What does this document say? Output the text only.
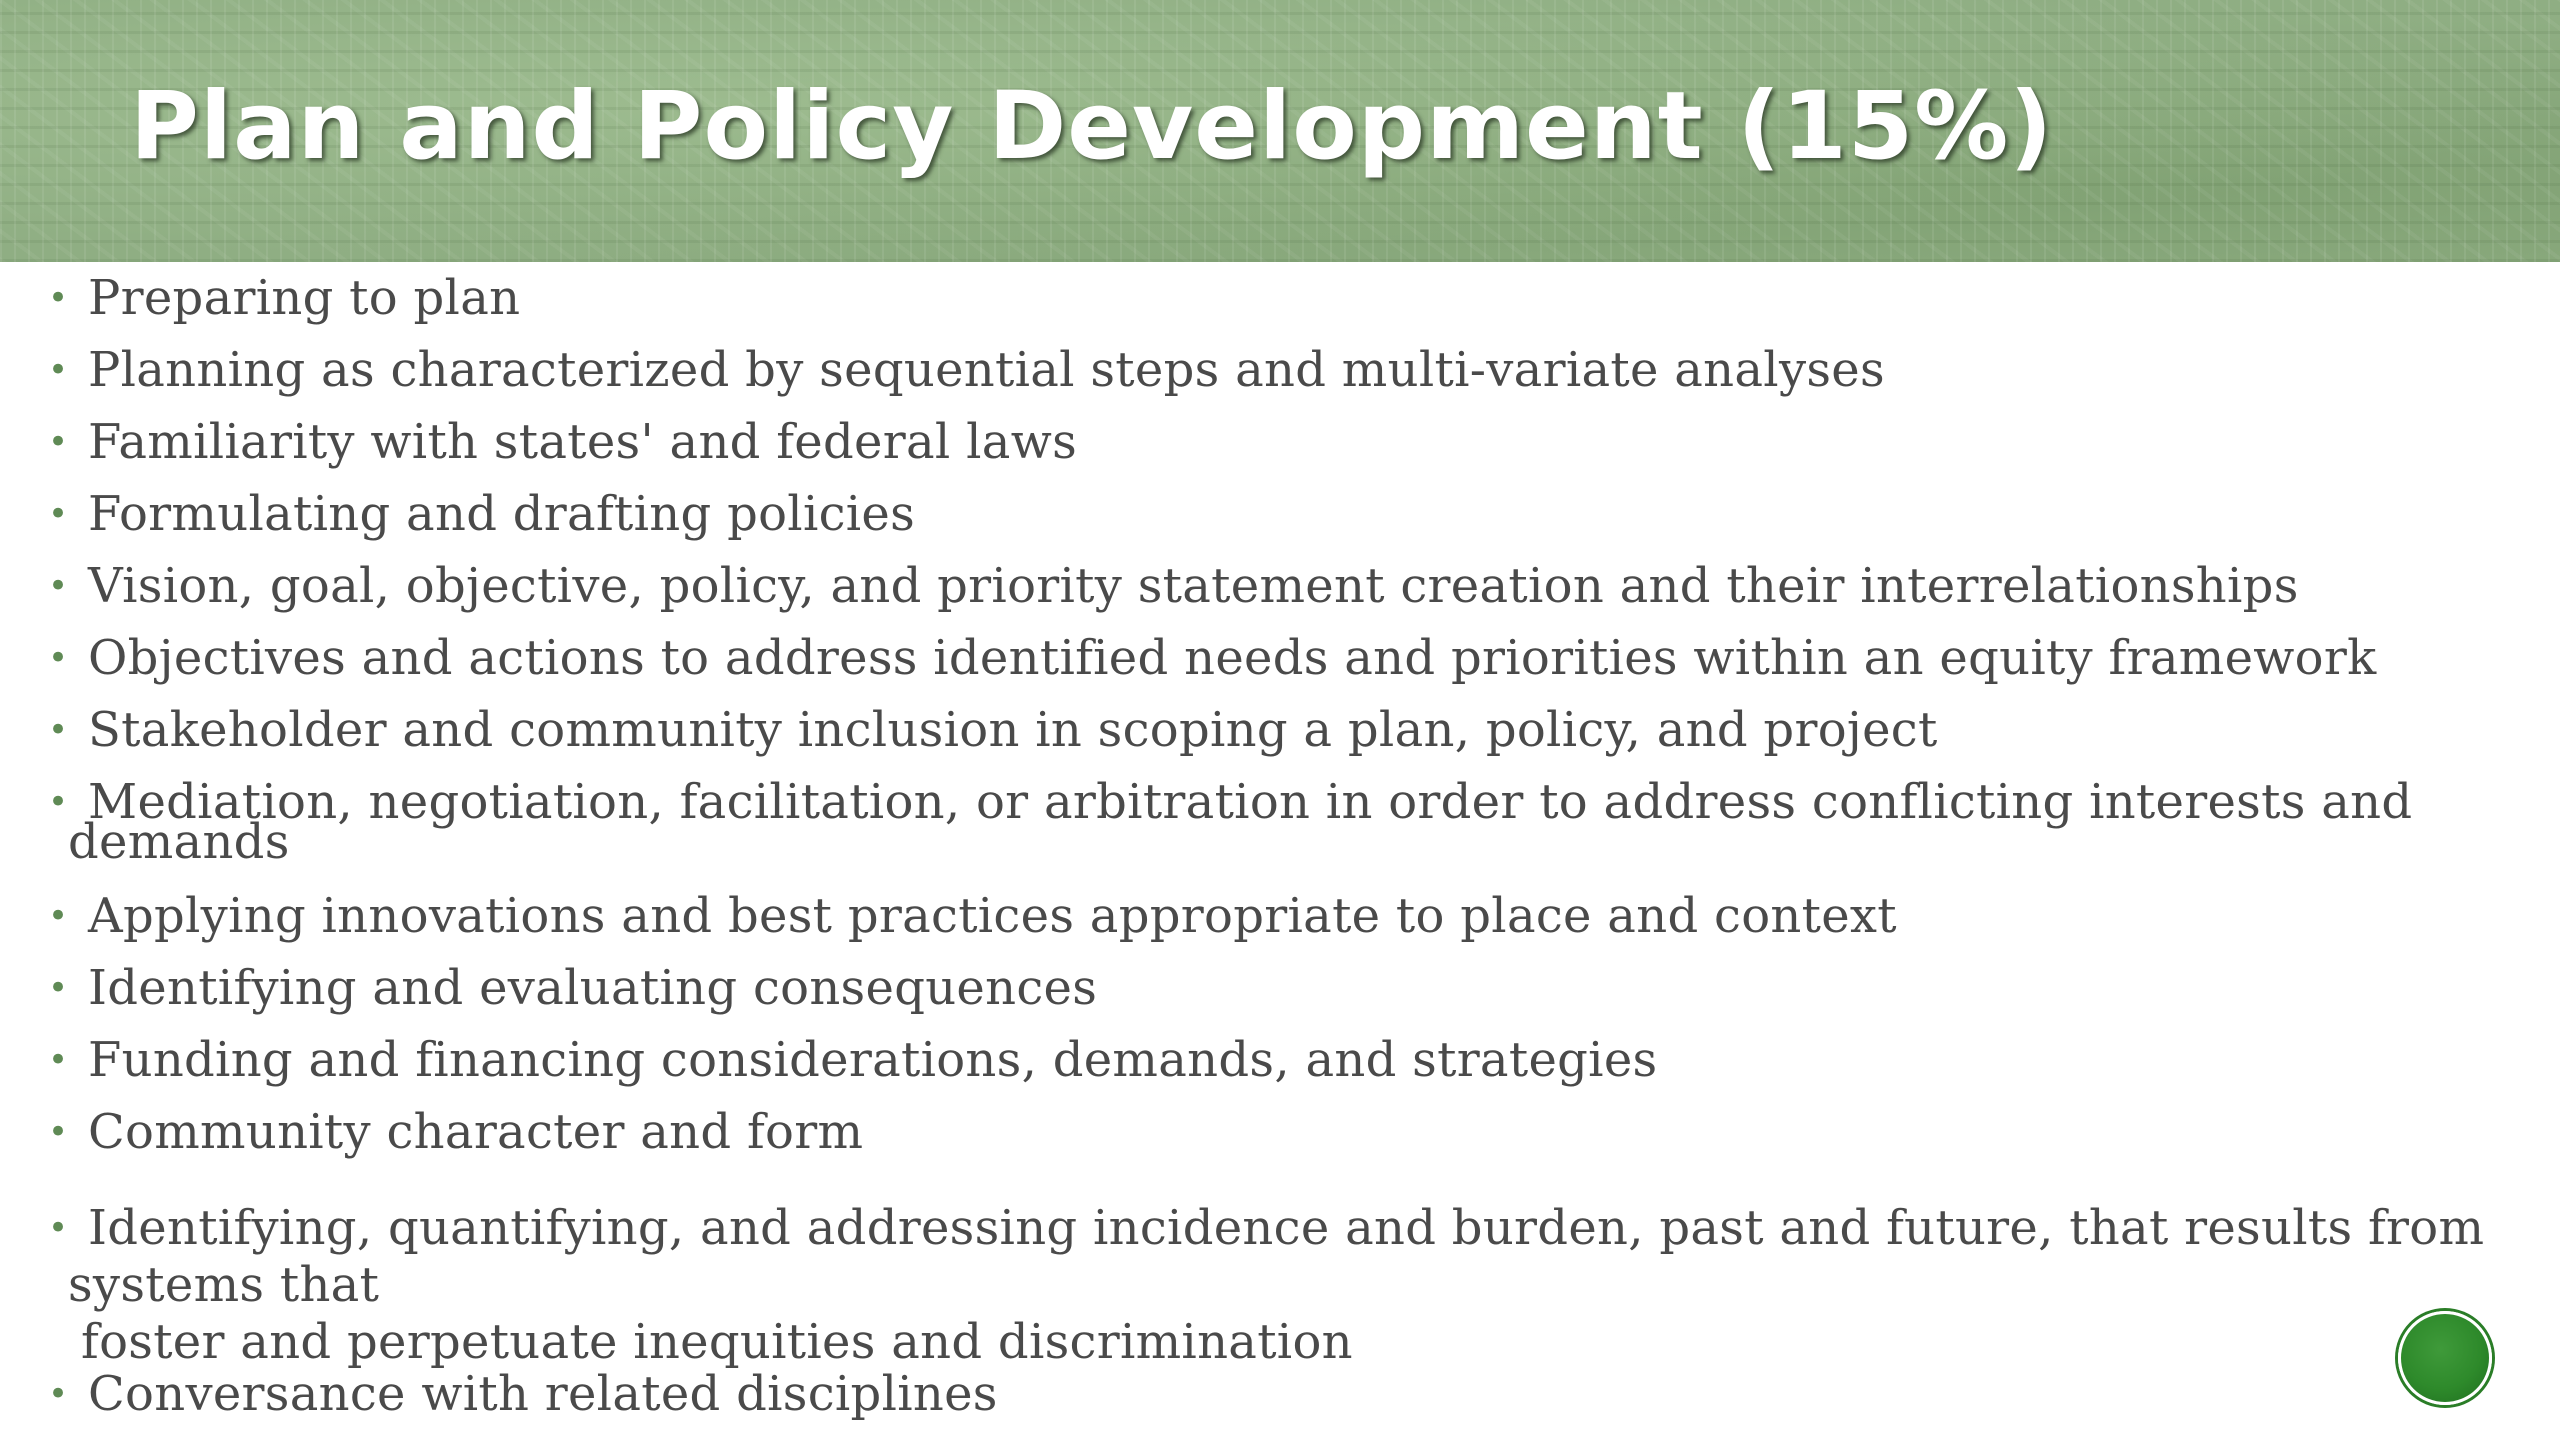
Plan and Policy Development (15%)
• Preparing to plan
• Planning as characterized by sequential steps and multi-variate analyses
• Familiarity with states' and federal laws
• Formulating and drafting policies
• Vision, goal, objective, policy, and priority statement creation and their interrelationships
• Objectives and actions to address identified needs and priorities within an equity framework
• Stakeholder and community inclusion in scoping a plan, policy, and project
• Mediation, negotiation, facilitation, or arbitration in order to address conflicting interests and
demands
• Applying innovations and best practices appropriate to place and context
• Identifying and evaluating consequences
• Funding and financing considerations, demands, and strategies
• Community character and form
• Identifying, quantifying, and addressing incidence and burden, past and future, that results from
systems that
foster and perpetuate inequities and discrimination
• Conversance with related disciplines
